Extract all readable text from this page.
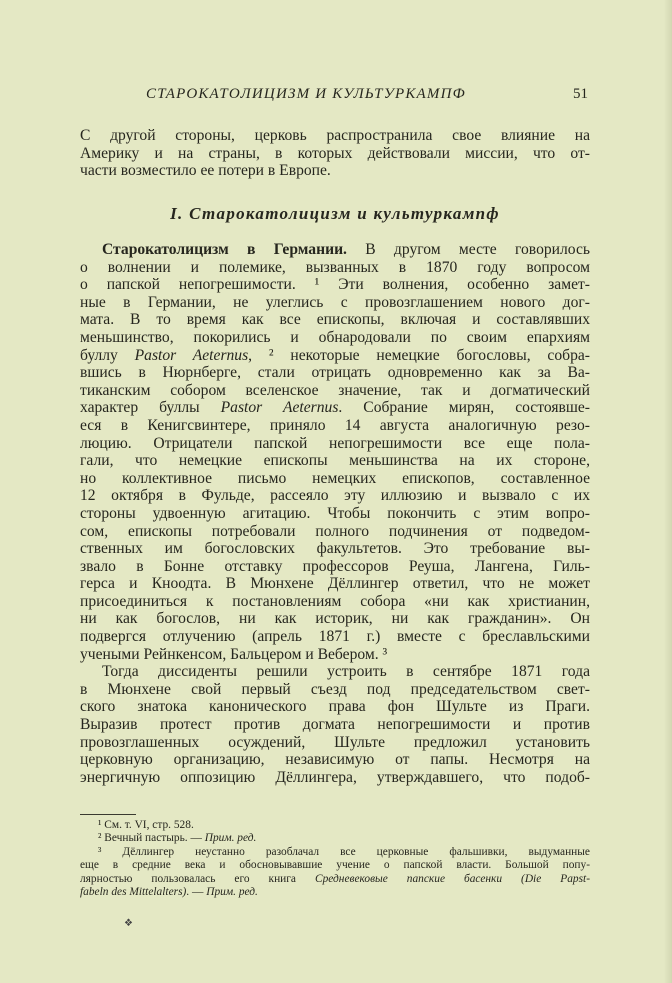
СТАРОКАТОЛИЦИЗМ И КУЛЬТУРКАМПФ	51
С другой стороны, церковь распространила свое влияние на
Америку и на страны, в которых действовали миссии, что от-
части возместило ее потери в Европе.
I. Старокатолицизм и культуркампф
Старокатолицизм в Германии. В другом месте говорилось
о волнении и полемике, вызванных в 1870 году вопросом
о папской непогрешимости. ¹ Эти волнения, особенно замет-
ные в Германии, не улеглись с провозглашением нового дог-
мата. В то время как все епископы, включая и составлявших
меньшинство, покорились и обнародовали по своим епархиям
буллу Pastor Aeternus, ² некоторые немецкие богословы, собра-
вшись в Нюрнберге, стали отрицать одновременно как за Ва-
тиканским собором вселенское значение, так и догматический
характер буллы Pastor Aeternus. Собрание мирян, состоявше-
еся в Кенигсвинтере, приняло 14 августа аналогичную резо-
люцию. Отрицатели папской непогрешимости все еще пола-
гали, что немецкие епископы меньшинства на их стороне,
но коллективное письмо немецких епископов, составленное
12 октября в Фульде, рассеяло эту иллюзию и вызвало с их
стороны удвоенную агитацию. Чтобы покончить с этим вопро-
сом, епископы потребовали полного подчинения от подведом-
ственных им богословских факультетов. Это требование вы-
звало в Бонне отставку профессоров Реуша, Лангена, Гиль-
герса и Кноодта. В Мюнхене Дёллингер ответил, что не может
присоединиться к постановлениям собора «ни как христианин,
ни как богослов, ни как историк, ни как гражданин». Он
подвергся отлучению (апрель 1871 г.) вместе с бреславльскими
учеными Рейнкенсом, Бальцером и Вебером. ³
Тогда диссиденты решили устроить в сентябре 1871 года
в Мюнхене свой первый съезд под председательством свет-
ского знатока канонического права фон Шульте из Праги.
Выразив протест против догмата непогрешимости и против
провозглашенных осуждений, Шульте предложил установить
церковную организацию, независимую от папы. Несмотря на
энергичную оппозицию Дёллингера, утверждавшего, что подоб-
¹ См. т. VI, стр. 528.
² Вечный пастырь. — Прим. ред.
³ Дёллингер неустанно разоблачал все церковные фальшивки, выдуманные
еще в средние века и обосновывавшие учение о папской власти. Большой попу-
лярностью пользовалась его книга Средневековые папские басенки (Die Papst-
fabeln des Mittelalters). — Прим. ред.
❖
